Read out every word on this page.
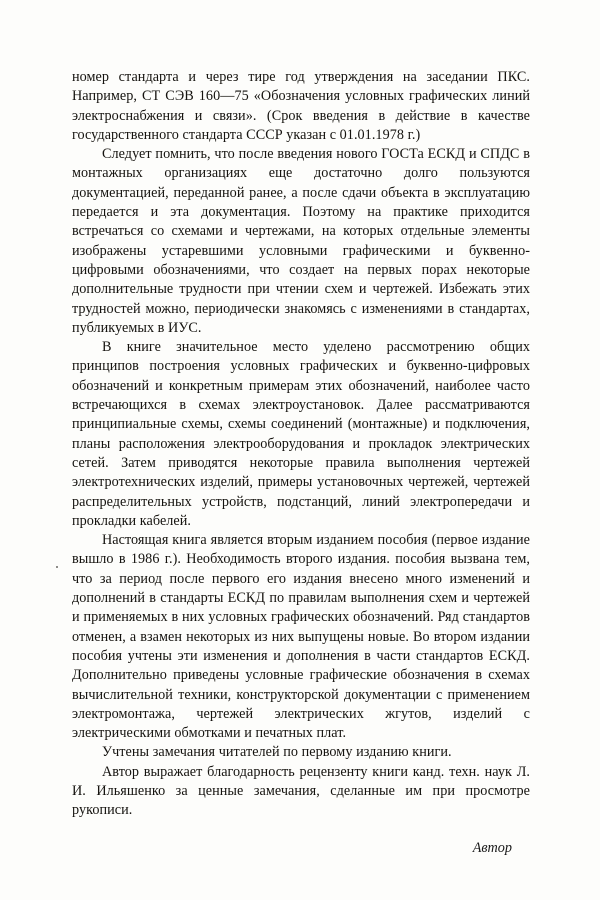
номер стандарта и через тире год утверждения на заседании ПКС. Например, СТ СЭВ 160—75 «Обозначения условных графических линий электроснабжения и связи». (Срок введения в действие в качестве государственного стандарта СССР указан с 01.01.1978 г.)

Следует помнить, что после введения нового ГОСТа ЕСКД и СПДС в монтажных организациях еще достаточно долго пользуются документацией, переданной ранее, а после сдачи объекта в эксплуатацию передается и эта документация. Поэтому на практике приходится встречаться со схемами и чертежами, на которых отдельные элементы изображены устаревшими условными графическими и буквенно-цифровыми обозначениями, что создает на первых порах некоторые дополнительные трудности при чтении схем и чертежей. Избежать этих трудностей можно, периодически знакомясь с изменениями в стандартах, публикуемых в ИУС.

В книге значительное место уделено рассмотрению общих принципов построения условных графических и буквенно-цифровых обозначений и конкретным примерам этих обозначений, наиболее часто встречающихся в схемах электроустановок. Далее рассматриваются принципиальные схемы, схемы соединений (монтажные) и подключения, планы расположения электрооборудования и прокладок электрических сетей. Затем приводятся некоторые правила выполнения чертежей электротехнических изделий, примеры установочных чертежей, чертежей распределительных устройств, подстанций, линий электропередачи и прокладки кабелей.

Настоящая книга является вторым изданием пособия (первое издание вышло в 1986 г.). Необходимость второго издания. пособия вызвана тем, что за период после первого его издания внесено много изменений и дополнений в стандарты ЕСКД по правилам выполнения схем и чертежей и применяемых в них условных графических обозначений. Ряд стандартов отменен, а взамен некоторых из них выпущены новые. Во втором издании пособия учтены эти изменения и дополнения в части стандартов ЕСКД. Дополнительно приведены условные графические обозначения в схемах вычислительной техники, конструкторской документации с применением электромонтажа, чертежей электрических жгутов, изделий с электрическими обмотками и печатных плат.

Учтены замечания читателей по первому изданию книги.

Автор выражает благодарность рецензенту книги канд. техн. наук Л. И. Ильяшенко за ценные замечания, сделанные им при просмотре рукописи.

Автор
